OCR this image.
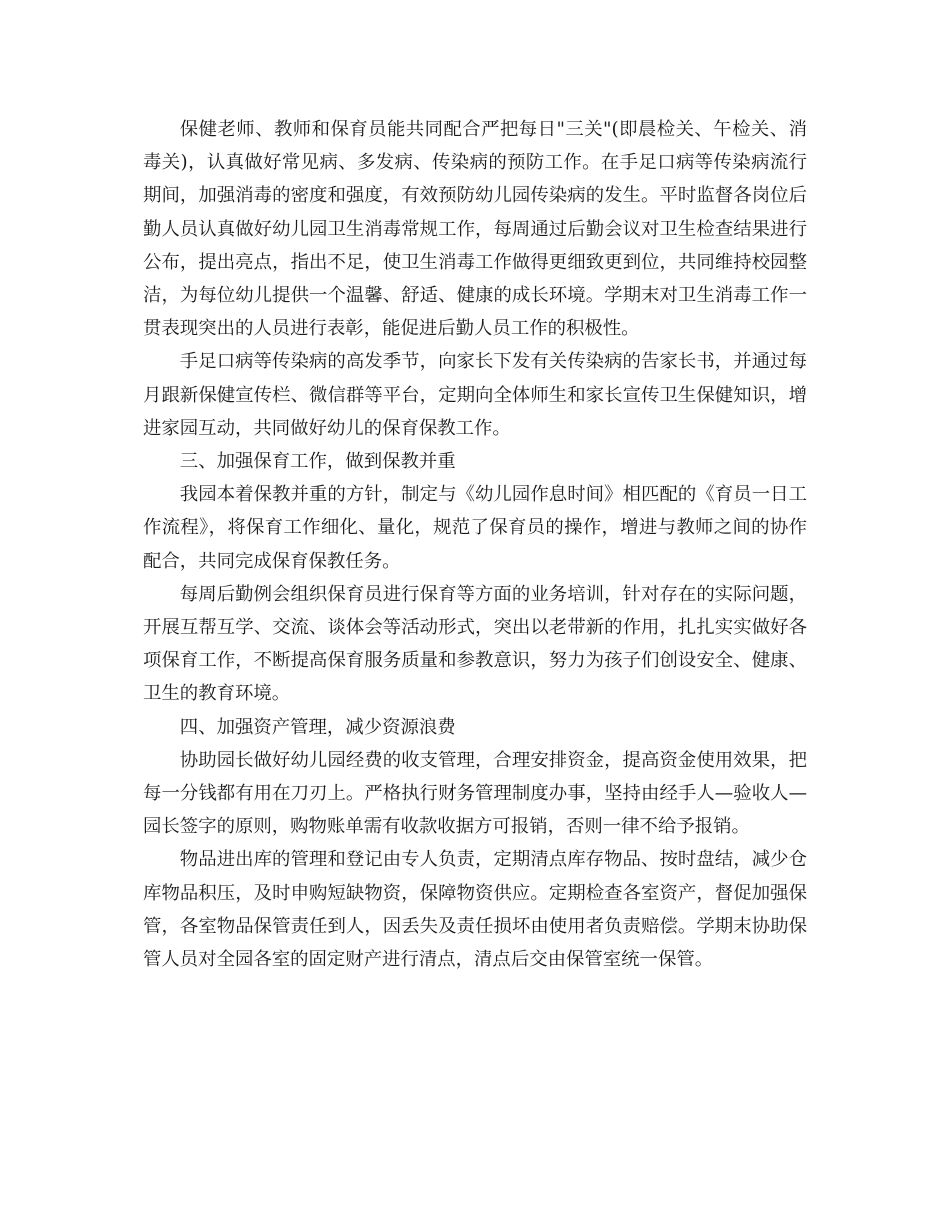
保健老师、教师和保育员能共同配合严把每日"三关"(即晨检关、午检关、消毒关)，认真做好常见病、多发病、传染病的预防工作。在手足口病等传染病流行期间，加强消毒的密度和强度，有效预防幼儿园传染病的发生。平时监督各岗位后勤人员认真做好幼儿园卫生消毒常规工作，每周通过后勤会议对卫生检查结果进行公布，提出亮点，指出不足，使卫生消毒工作做得更细致更到位，共同维持校园整洁，为每位幼儿提供一个温馨、舒适、健康的成长环境。学期末对卫生消毒工作一贯表现突出的人员进行表彰，能促进后勤人员工作的积极性。

手足口病等传染病的高发季节，向家长下发有关传染病的告家长书，并通过每月跟新保健宣传栏、微信群等平台，定期向全体师生和家长宣传卫生保健知识，增进家园互动，共同做好幼儿的保育保教工作。

三、加强保育工作，做到保教并重

我园本着保教并重的方针，制定与《幼儿园作息时间》相匹配的《育员一日工作流程》，将保育工作细化、量化，规范了保育员的操作，增进与教师之间的协作配合，共同完成保育保教任务。

每周后勤例会组织保育员进行保育等方面的业务培训，针对存在的实际问题，开展互帮互学、交流、谈体会等活动形式，突出以老带新的作用，扎扎实实做好各项保育工作，不断提高保育服务质量和参教意识，努力为孩子们创设安全、健康、卫生的教育环境。

四、加强资产管理，减少资源浪费

协助园长做好幼儿园经费的收支管理，合理安排资金，提高资金使用效果，把每一分钱都有用在刀刃上。严格执行财务管理制度办事，坚持由经手人—验收人—园长签字的原则，购物账单需有收款收据方可报销，否则一律不给予报销。

物品进出库的管理和登记由专人负责，定期清点库存物品、按时盘结，减少仓库物品积压，及时申购短缺物资，保障物资供应。定期检查各室资产，督促加强保管，各室物品保管责任到人，因丢失及责任损坏由使用者负责赔偿。学期末协助保管人员对全园各室的固定财产进行清点，清点后交由保管室统一保管。
